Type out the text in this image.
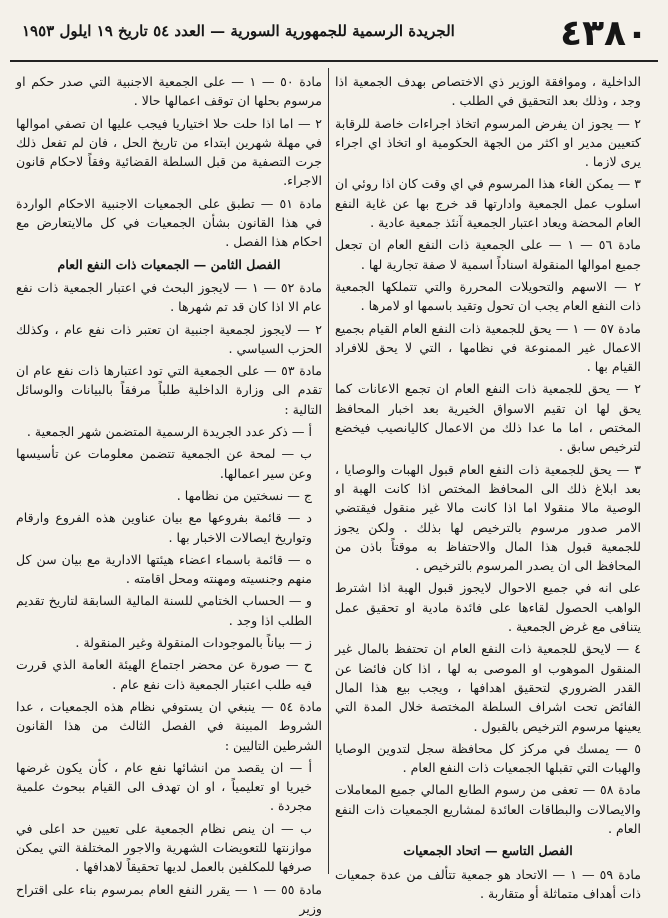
٤٣٨٠
الجريدة الرسمية للجمهورية السورية — العدد ٥٤ تاريخ ١٩ ايلول ١٩٥٣

مادة ٥٠ — ١ — على الجمعية الاجنبية التي صدر حكم او مرسوم بحلها ان توقف اعمالها حالا .

٢ — اما اذا حلت حلا اختياريا فيجب عليها ان تصفي اموالها في مهلة شهرين ابتداء من تاريخ الحل ، فان لم تفعل ذلك جرت التصفية من قبل السلطة القضائية وفقاً لاحكام قانون الاجراء.

مادة ٥١ — تطبق على الجمعيات الاجنبية الاحكام الواردة في هذا القانون بشأن الجمعيات في كل مالايتعارض مع احكام هذا الفصل .

الفصل الثامن — الجمعيات ذات النفع العام

مادة ٥٢ — ١ — لايجوز البحث في اعتبار الجمعية ذات نفع عام الا اذا كان قد تم شهرها .

٢ — لايجوز لجمعية اجنبية ان تعتبر ذات نفع عام ، وكذلك الحزب السياسي .

مادة ٥٣ — على الجمعية التي تود اعتبارها ذات نفع عام ان تقدم الى وزارة الداخلية طلباً مرفقاً بالبيانات والوسائل التالية :

أ — ذكر عدد الجريدة الرسمية المتضمن شهر الجمعية .

ب — لمحة عن الجمعية تتضمن معلومات عن تأسيسها وعن سير اعمالها.

ج — نسختين من نظامها .

د — قائمة بفروعها مع بيان عناوين هذه الفروع وارقام وتواريخ ايصالات الاخبار بها .

ه — قائمة باسماء اعضاء هيئتها الادارية مع بيان سن كل منهم وجنسيته ومهنته ومحل اقامته .

و — الحساب الختامي للسنة المالية السابقة لتاريخ تقديم الطلب اذا وجد .

ز — بياناً بالموجودات المنقولة وغير المنقولة .

ح — صورة عن محضر اجتماع الهيئة العامة الذي قررت فيه طلب اعتبار الجمعية ذات نفع عام .

مادة ٥٤ — ينبغي ان يستوفي نظام هذه الجمعيات ، عدا الشروط المبينة في الفصل الثالث من هذا القانون الشرطين التاليين :

أ — ان يقصد من انشائها نفع عام ، كأن يكون غرضها خيريا او تعليمياً ، او ان تهدف الى القيام ببحوث علمية مجردة .

ب — ان ينص نظام الجمعية على تعيين حد اعلى في موازنتها للتعويضات الشهرية والاجور المختلفة التي يمكن صرفها للمكلفين بالعمل لديها تحقيقاً لاهدافها .

مادة ٥٥ — ١ — يقرر النفع العام بمرسوم بناء على اقتراح وزير

الداخلية ، وموافقة الوزير ذي الاختصاص بهدف الجمعية اذا وجد ، وذلك بعد التحقيق في الطلب .

٢ — يجوز ان يفرض المرسوم اتخاذ اجراءات خاصة للرقابة كتعيين مدير او اكثر من الجهة الحكومية او اتخاذ اي اجراء يرى لازما .

٣ — يمكن الغاء هذا المرسوم في اي وقت كان اذا روئي ان اسلوب عمل الجمعية وادارتها قد خرج بها عن غاية النفع العام المحضة ويعاد اعتبار الجمعية آنئذ جمعية عادية .

مادة ٥٦ — ١ — على الجمعية ذات النفع العام ان تجعل جميع اموالها المنقولة اسناداً اسمية لا صفة تجارية لها .

٢ — الاسهم والتحويلات المحررة والتي تتملكها الجمعية ذات النفع العام يجب ان تحول وتقيد باسمها او لامرها .

مادة ٥٧ — ١ — يحق للجمعية ذات النفع العام القيام بجميع الاعمال غير الممنوعة في نظامها ، التي لا يحق للافراد القيام بها .

٢ — يحق للجمعية ذات النفع العام ان تجمع الاعانات كما يحق لها ان تقيم الاسواق الخيرية بعد اخبار المحافظ المختص ، اما ما عدا ذلك من الاعمال كاليانصيب فيخضع لترخيص سابق .

٣ — يحق للجمعية ذات النفع العام قبول الهبات والوصايا ، بعد ابلاغ ذلك الى المحافظ المختص اذا كانت الهبة او الوصية مالا منقولا اما اذا كانت مالا غير منقول فيقتضي الامر صدور مرسوم بالترخيص لها بذلك . ولكن يجوز للجمعية قبول هذا المال والاحتفاظ به موقتاً باذن من المحافظ الى ان يصدر المرسوم بالترخيص .

على انه في جميع الاحوال لايجوز قبول الهبة اذا اشترط الواهب الحصول لقاءها على فائدة مادية او تحقيق عمل يتنافى مع غرض الجمعية .

٤ — لايحق للجمعية ذات النفع العام ان تحتفظ بالمال غير المنقول الموهوب او الموصى به لها ، اذا كان فائضا عن القدر الضروري لتحقيق اهدافها ، ويجب بيع هذا المال الفائض تحت اشراف السلطة المختصة خلال المدة التي يعينها مرسوم الترخيص بالقبول .

٥ — يمسك في مركز كل محافظة سجل لتدوين الوصايا والهبات التي تقبلها الجمعيات ذات النفع العام .

مادة ٥٨ — تعفى من رسوم الطابع المالي جميع المعاملات والايصالات والبطاقات العائدة لمشاريع الجمعيات ذات النفع العام .

الفصل التاسع — اتحاد الجمعيات

مادة ٥٩ — ١ — الاتحاد هو جمعية تتألف من عدة جمعيات ذات أهداف متماثلة أو متقاربة .
